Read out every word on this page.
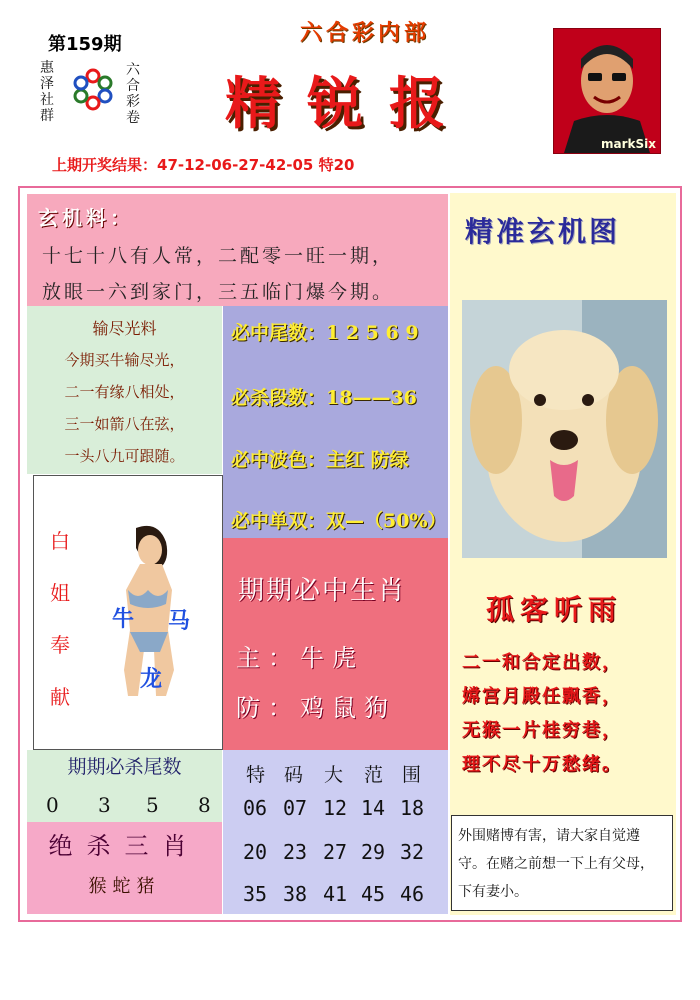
第159期
惠泽社群
六合彩卷
六合彩内部
精锐报
markSix
上期开奖结果：47-12-06-27-42-05 特20
玄机料：
十七十八有人常，二配零一旺一期，
放眼一六到家门，三五临门爆今期。
输尽光料
今期买牛输尽光，
二一有缘八相处，
三一如箭八在弦，
一头八九可跟随。
必中尾数：1 2 5 6 9
必杀段数：18——36
必中波色：主红 防绿
必中单双：双—（50%）
白
姐
奉
献
牛 马
龙
期期必中生肖
主：牛虎
防：鸡鼠狗
期期必杀尾数
0 3 5 8
绝杀三肖
猴蛇猪
特 码 大 范 围
06 07 12 14 18
20 23 27 29 32
35 38 41 45 46
精准玄机图
孤客听雨
二一和合定出数，
嫦宫月殿任飘香，
无猴一片桂穷巷，
理不尽十万愁绪。
外围赌博有害，请大家自觉遵守。在赌之前想一下上有父母，下有妻小。
